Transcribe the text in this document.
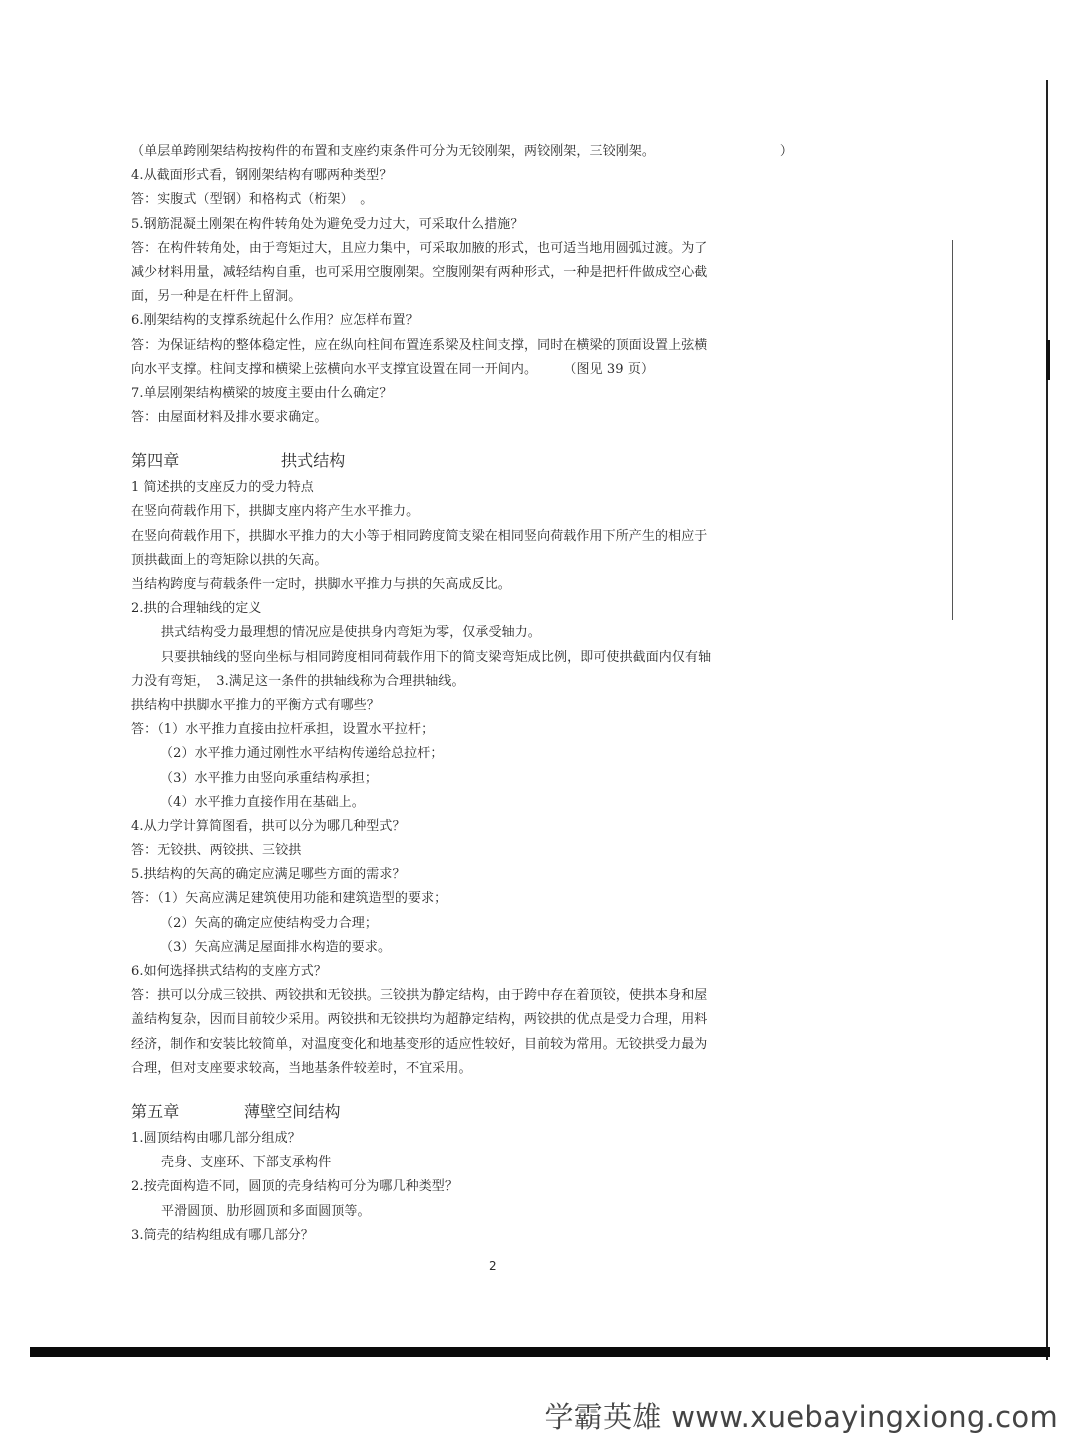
（单层单跨刚架结构按构件的布置和支座约束条件可分为无铰刚架，两铰刚架，三铰刚架。	）
4.从截面形式看，钢刚架结构有哪两种类型？
答：实腹式（型钢）和格构式（桁架）　。
5.钢筋混凝土刚架在构件转角处为避免受力过大，可采取什么措施？
答：在构件转角处，由于弯矩过大，且应力集中，可采取加腋的形式，也可适当地用圆弧过渡。为了
减少材料用量，减轻结构自重，也可采用空腹刚架。空腹刚架有两种形式，一种是把杆件做成空心截
面，另一种是在杆件上留洞。
6.刚架结构的支撑系统起什么作用？应怎样布置？
答：为保证结构的整体稳定性，应在纵向柱间布置连系梁及柱间支撑，同时在横梁的顶面设置上弦横
向水平支撑。柱间支撑和横梁上弦横向水平支撑宜设置在同一开间内。　　　（图见 39 页）
7.单层刚架结构横梁的坡度主要由什么确定？
答：由屋面材料及排水要求确定。
第四章	拱式结构
1 简述拱的支座反力的受力特点
在竖向荷载作用下，拱脚支座内将产生水平推力。
在竖向荷载作用下，拱脚水平推力的大小等于相同跨度简支梁在相同竖向荷载作用下所产生的相应于
顶拱截面上的弯矩除以拱的矢高。
当结构跨度与荷载条件一定时，拱脚水平推力与拱的矢高成反比。
2.拱的合理轴线的定义
拱式结构受力最理想的情况应是使拱身内弯矩为零，仅承受轴力。
只要拱轴线的竖向坐标与相同跨度相同荷载作用下的简支梁弯矩成比例，即可使拱截面内仅有轴
力没有弯矩，　3.满足这一条件的拱轴线称为合理拱轴线。
拱结构中拱脚水平推力的平衡方式有哪些？
答：（1）水平推力直接由拉杆承担，设置水平拉杆；
（2）水平推力通过刚性水平结构传递给总拉杆；
（3）水平推力由竖向承重结构承担；
（4）水平推力直接作用在基础上。
4.从力学计算简图看，拱可以分为哪几种型式？
答：无铰拱、两铰拱、三铰拱
5.拱结构的矢高的确定应满足哪些方面的需求？
答：（1）矢高应满足建筑使用功能和建筑造型的要求；
（2）矢高的确定应使结构受力合理；
（3）矢高应满足屋面排水构造的要求。
6.如何选择拱式结构的支座方式？
答：拱可以分成三铰拱、两铰拱和无铰拱。三铰拱为静定结构，由于跨中存在着顶铰，使拱本身和屋
盖结构复杂，因而目前较少采用。两铰拱和无铰拱均为超静定结构，两铰拱的优点是受力合理，用料
经济，制作和安装比较简单，对温度变化和地基变形的适应性较好，目前较为常用。无铰拱受力最为
合理，但对支座要求较高，当地基条件较差时，不宜采用。
第五章	薄壁空间结构
1.圆顶结构由哪几部分组成？
壳身、支座环、下部支承构件
2.按壳面构造不同，圆顶的壳身结构可分为哪几种类型？
平滑圆顶、肋形圆顶和多面圆顶等。
3.筒壳的结构组成有哪几部分？
2
学霸英雄 www.xuebayingxiong.com
